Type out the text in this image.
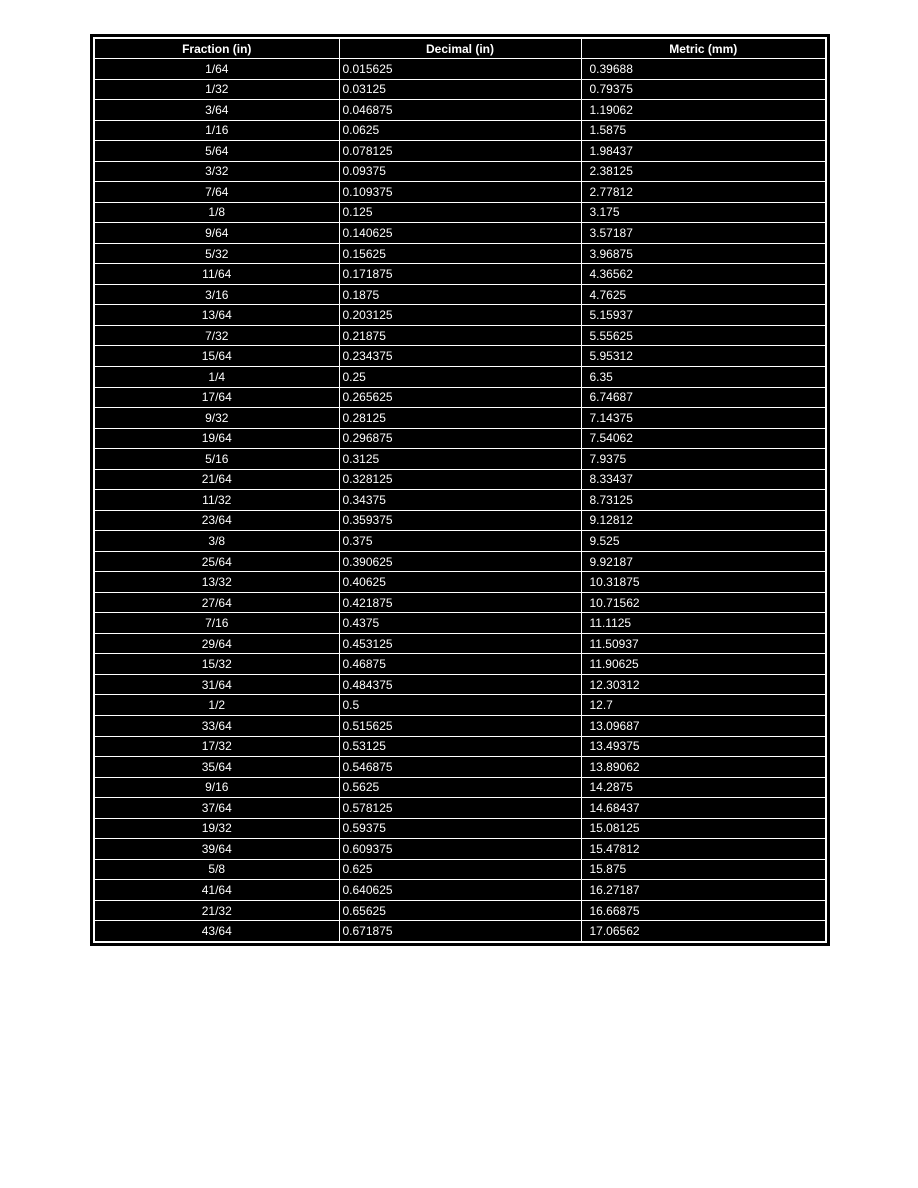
Fraction (in)	Decimal (in)	Metric (mm)
1/64	0.015625	0.39688
1/32	0.03125	0.79375
3/64	0.046875	1.19062
1/16	0.0625	1.5875
5/64	0.078125	1.98437
3/32	0.09375	2.38125
7/64	0.109375	2.77812
1/8	0.125	3.175
9/64	0.140625	3.57187
5/32	0.15625	3.96875
11/64	0.171875	4.36562
3/16	0.1875	4.7625
13/64	0.203125	5.15937
7/32	0.21875	5.55625
15/64	0.234375	5.95312
1/4	0.25	6.35
17/64	0.265625	6.74687
9/32	0.28125	7.14375
19/64	0.296875	7.54062
5/16	0.3125	7.9375
21/64	0.328125	8.33437
11/32	0.34375	8.73125
23/64	0.359375	9.12812
3/8	0.375	9.525
25/64	0.390625	9.92187
13/32	0.40625	10.31875
27/64	0.421875	10.71562
7/16	0.4375	11.1125
29/64	0.453125	11.50937
15/32	0.46875	11.90625
31/64	0.484375	12.30312
1/2	0.5	12.7
33/64	0.515625	13.09687
17/32	0.53125	13.49375
35/64	0.546875	13.89062
9/16	0.5625	14.2875
37/64	0.578125	14.68437
19/32	0.59375	15.08125
39/64	0.609375	15.47812
5/8	0.625	15.875
41/64	0.640625	16.27187
21/32	0.65625	16.66875
43/64	0.671875	17.06562
